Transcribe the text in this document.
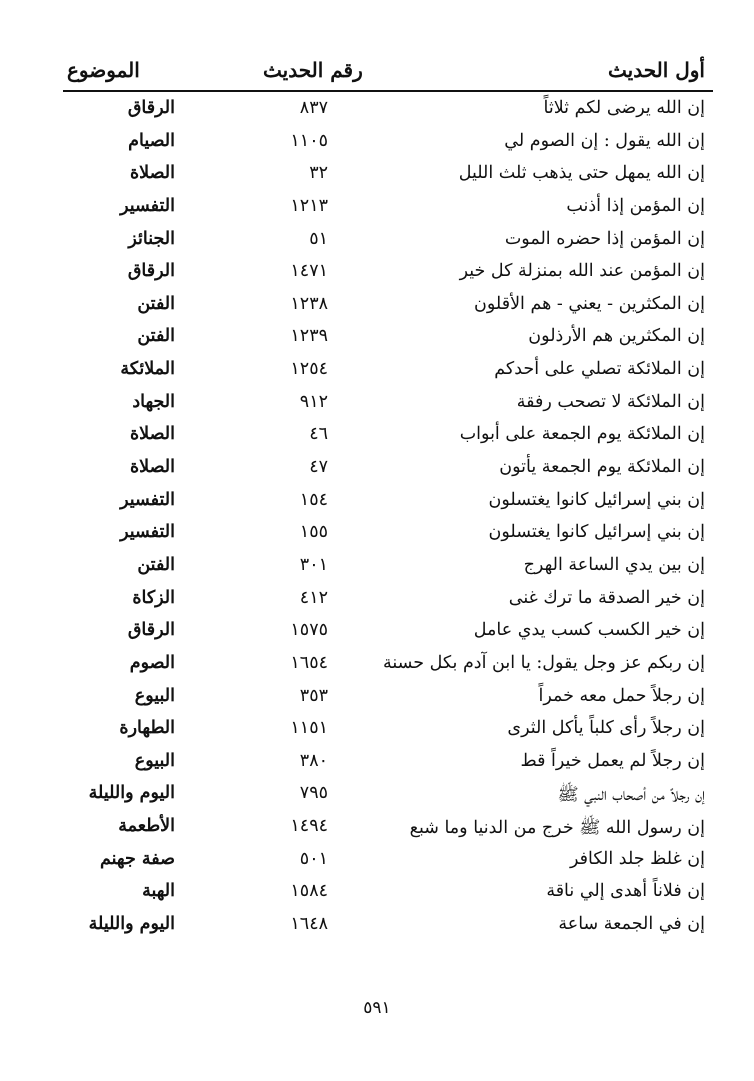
أول الحديث
رقم الحديث
الموضوع
إن الله يرضى لكم ثلاثاً
٨٣٧
الرقاق
إن الله يقول : إن الصوم لي
١١٠٥
الصيام
إن الله يمهل حتى يذهب ثلث الليل
٣٢
الصلاة
إن المؤمن إذا أذنب
١٢١٣
التفسير
إن المؤمن إذا حضره الموت
٥١
الجنائز
إن المؤمن عند الله بمنزلة كل خير
١٤٧١
الرقاق
إن المكثرين - يعني - هم الأقلون
١٢٣٨
الفتن
إن المكثرين هم الأرذلون
١٢٣٩
الفتن
إن الملائكة تصلي على أحدكم
١٢٥٤
الملائكة
إن الملائكة لا تصحب رفقة
٩١٢
الجهاد
إن الملائكة يوم الجمعة على أبواب
٤٦
الصلاة
إن الملائكة يوم الجمعة يأتون
٤٧
الصلاة
إن بني إسرائيل كانوا يغتسلون
١٥٤
التفسير
إن بني إسرائيل كانوا يغتسلون
١٥٥
التفسير
إن بين يدي الساعة الهرج
٣٠١
الفتن
إن خير الصدقة ما ترك غنى
٤١٢
الزكاة
إن خير الكسب كسب يدي عامل
١٥٧٥
الرقاق
إن ربكم عز وجل يقول: يا ابن آدم بكل حسنة
١٦٥٤
الصوم
إن رجلاً حمل معه خمراً
٣٥٣
البيوع
إن رجلاً رأى كلباً يأكل الثرى
١١٥١
الطهارة
إن رجلاً لم يعمل خيراً قط
٣٨٠
البيوع
إن رجلاً من أصحاب النبي ﷺ
٧٩٥
اليوم والليلة
إن رسول الله ﷺ خرج من الدنيا وما شبع
١٤٩٤
الأطعمة
إن غلظ جلد الكافر
٥٠١
صفة جهنم
إن فلاناً أهدى إلي ناقة
١٥٨٤
الهبة
إن في الجمعة ساعة
١٦٤٨
اليوم والليلة
٥٩١
